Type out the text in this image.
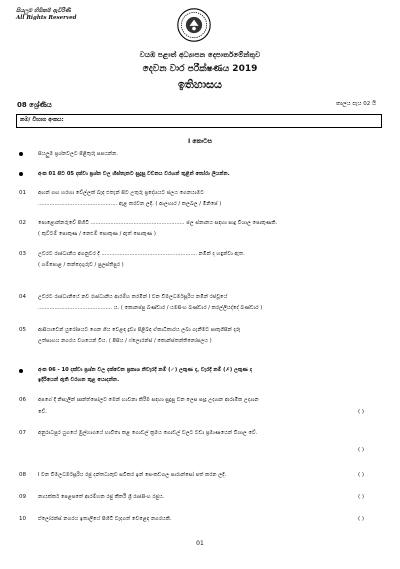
සියලුම හිමිකම් ඇවිරිණි
All Rights Reserved
වයඹ පළාත් අධ්‍යාපන දෙපාර්තමේන්තුව
දෙවන වාර පරීක්ෂණය 2019
ඉතිහාසය
08 ශ්‍රේණිය	කාලය පැය 02 යි
නම/ විභාග අංකය:
I කොටස
සියලුම ප්‍රශ්නවලට පිළිතුරු සපයන්න.
අංක 01 සිට 05 දක්වා ප්‍රශ්න වල හිස්තැනට සුදුසු වචනය වරහන් තුළින් තෝරා ලියන්න.
01 අඟන් ගඟ හරහා වේල්ලක් බැඳ එතැන් සිට උතුරු ප්‍රදේශයට ජලය ගෙනයාමට
................................................ ඇළ කරවන ලදී. ( ආලහාර / කලබල / මිනිපේ )
02 පොළොන්නරුවේ පිහිටි ......................................................... ජල ස්නානය සඳහා සාදූ විශාල පොකුණකි.
( කුට්ටම් පොකුණ / නෙළුම් පොකුණ / ඇත් පොකුණ )
03 උඩරට රාජධානිය අගනුවර දී .......................................................... නමින් ද හඳුන්වා ඇත.
( ගම්පොළ / කන්දෙගුරුව / පුලස්තිපුර )
04 උඩරට රාජධානියේ නව රාජධානිය ආරම්භ කරමින් I වන විමලධර්මසූරිය නමින් රජවූයේ
............................................. ය. ( කොනප්පු බණ්ඩාර / යමසිංහ බණ්ඩාර / කරල්ලියද්දේ බණ්ඩාර )
05 ආසියාවෙන් යුරෝපයට ගෙන ගිය වෙළඳ ද්‍රව්‍ය පිළිබඳ ඒකාධිකාරය ලබා ගැනීමට පෘතුගීසීන් දැරූ
උත්සාහය නගරය වශයෙන් විය. ( පීසිය / ෆ්ලොරන්ස් / කොන්ස්තන්තිනෝපලය )
අංක 06 - 10 දක්වා ප්‍රශ්න වල දක්වෙන ප්‍රකාශ නිවැරදි නම් (✓) ලකුණ ද, වැරදි නම් (✗) ලකුණ ද
ඉදිරියෙන් ඇති වරහන තුළ යොදන්න.
06 අපගේ දී නිසැලින් ඍන්ත්පෝලට මෙන් භාවනා කිරීම සඳහා සුදුසු වන ලෙස සෑදූ උද්‍යාන ආරාමික උද්‍යාන
වේ.	( )
07 අනුරාධපුර යුගයේ මුල්භාගයේ භාවිතා කළ ගොඩල් ක්‍රමය ගොඩල් වලට වඩා ප්‍රමාණයෙන් විශාල වේ.
( )
08 I වන විමලධර්මසූරිය රජු දන්තධාතුව සවිකර ඉන් සෙංකඩගල පාරාන්සෝ පත් කරන ලදී.	( )
09 නායක්කර් පෙළපතේ ආරම්භක රජු කීර්ති ශ්‍රී රාජසිංහ රජුය.	( )
10 ඵ්ලෝරන්ස් නගරය ඉතාලියේ පිහිටි වැදගත් වෙළෙඳ නගරයකි.	( )
01
